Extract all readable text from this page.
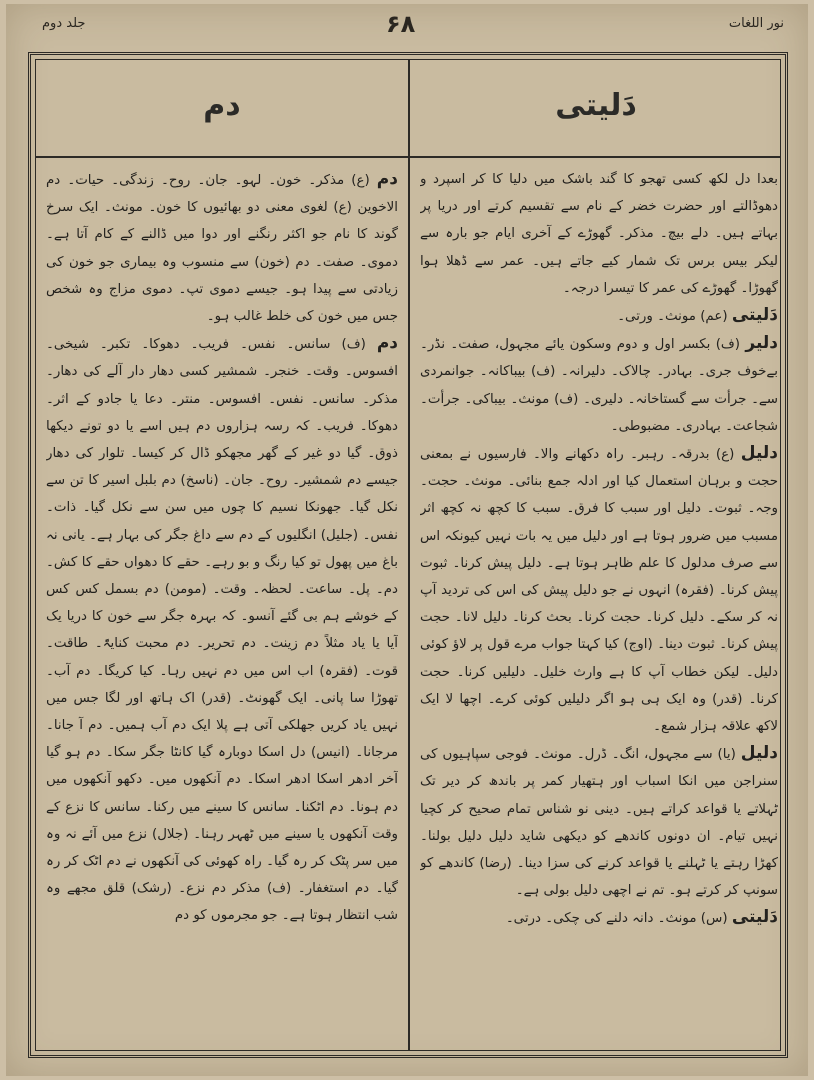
جلد دوم	۶۸	نور اللغات
دم	دَلیتی

دم (ع) مذکر۔ خون۔ لہو۔ جان۔ روح۔ زندگی۔ حیات۔ دم الاخوین (ع) لغوی معنی دو بھائیوں کا خون۔ مونث۔ ایک سرخ گوند کا نام جو اکثر رنگنے اور دوا میں ڈالنے کے کام آتا ہے۔ دموی۔ صفت۔ دم (خون) سے منسوب وہ بیماری جو خون کی زیادتی سے پیدا ہو۔ جیسے دموی تپ۔ دموی مزاج وہ شخص جس میں خون کی خلط غالب ہو۔

دم (ف) سانس۔ نفس۔ فریب۔ دھوکا۔ تکبر۔ شیخی۔ افسوس۔ وقت۔ خنجر۔ شمشیر کسی دھار دار آلے کی دھار۔ مذکر۔ سانس۔ نفس۔ افسوس۔ منتر۔ دعا یا جادو کے اثر۔ دھوکا۔ فریب۔ کہ رسہ ہزاروں دم ہیں اسے یا دو تونے دیکھا ذوق۔ گیا دو غیر کے گھر مجھکو ڈال کر کیسا۔ تلوار کی دھار جیسے دم شمشیر۔ روح۔ جان۔ (ناسخ) دم بلبل اسیر کا تن سے نکل گیا۔ جھونکا نسیم کا چوں میں سن سے نکل گیا۔ ذات۔ نفس۔ (جلیل) انگلیوں کے دم سے داغ جگر کی بہار ہے۔ یانی نہ باغ میں پھول تو کیا رنگ و بو رہے۔ حقے کا دھواں حقے کا کش۔ دم۔ پل۔ ساعت۔ لحظہ۔ وقت۔ (مومن) دم بسمل کس کس کے خوشے ہم بی گئے آنسو۔ کہ بہرہ جگر سے خون کا دریا یک آیا یا یاد مثلاً دم زینت۔ دم تحریر۔ دم محبت کنایۃً۔ طاقت۔ قوت۔ (فقرہ) اب اس میں دم نہیں رہا۔ کیا کریگا۔ دم آب۔ تھوڑا سا پانی۔ ایک گھونٹ۔ (قدر) اک ہاتھ اور لگا جس میں نہیں یاد کریں جھلکی آتی ہے پلا ایک دم آب ہمیں۔ دم آ جانا۔ مرجانا۔ (انیس) دل اسکا دوبارہ گیا کانٹا جگر سکا۔ دم ہو گیا آخر ادھر اسکا ادھر اسکا۔ دم آنکھوں میں۔ دکھو آنکھوں میں دم ہونا۔ دم اٹکنا۔ سانس کا سینے میں رکنا۔ سانس کا نزع کے وقت آنکھوں یا سینے میں ٹھہر رہنا۔ (جلال) نزع میں آئے نہ وہ میں سر پٹک کر رہ گیا۔ راہ کھوئی کی آنکھوں نے دم اٹک کر رہ گیا۔ دم استغفار۔ (ف) مذکر دم نزع۔ (رشک) قلق مجھے وہ شب انتظار ہوتا ہے۔ جو مجرموں کو دم

بعدا دل لکھ کسی تھجو کا گند باشک میں دلیا کا کر اسپرد و دھوڈالتے اور حضرت خضر کے نام سے تقسیم کرتے اور دریا پر بہاتے ہیں۔ دلے بیچ۔ مذکر۔ گھوڑے کے آخری ایام جو بارہ سے لیکر بیس برس تک شمار کیے جاتے ہیں۔ عمر سے ڈھلا ہوا گھوڑا۔ گھوڑے کی عمر کا تیسرا درجہ۔

دَلیتی (عم) مونث۔ ورتی۔

دلیر (ف) بکسر اول و دوم وسکون یائے مجہول، صفت۔ نڈر۔ بےخوف جری۔ بہادر۔ چالاک۔ دلیرانہ۔ (ف) بیباکانہ۔ جوانمردی سے۔ جرأت سے گستاخانہ۔ دلیری۔ (ف) مونث۔ بیباکی۔ جرأت۔ شجاعت۔ بہادری۔ مضبوطی۔

دلیل (ع) بدرقہ۔ رہبر۔ راہ دکھانے والا۔ فارسیوں نے بمعنی حجت و برہان استعمال کیا اور ادلہ جمع بنائی۔ مونث۔ حجت۔ وجہ۔ ثبوت۔ دلیل اور سبب کا فرق۔ سبب کا کچھ نہ کچھ اثر مسبب میں ضرور ہوتا ہے اور دلیل میں یہ بات نہیں کیونکہ اس سے صرف مدلول کا علم ظاہر ہوتا ہے۔ دلیل پیش کرنا۔ ثبوت پیش کرنا۔ (فقرہ) انہوں نے جو دلیل پیش کی اس کی تردید آپ نہ کر سکے۔ دلیل کرنا۔ حجت کرنا۔ بحث کرنا۔ دلیل لانا۔ حجت پیش کرنا۔ ثبوت دینا۔ (اوج) کیا کہتا جواب مرے قول پر لاؤ کوئی دلیل۔ لیکن خطاب آپ کا ہے وارث خلیل۔ دلیلیں کرنا۔ حجت کرنا۔ (قدر) وہ ایک ہی ہو اگر دلیلیں کوئی کرے۔ اچھا لا ایک لاکھ علاقہ ہزار شمع۔

دلیل (یا) سے مجہول، انگ۔ ڈرل۔ مونث۔ فوجی سپاہیوں کی سنراجن میں انکا اسباب اور ہتھیار کمر پر باندھ کر دیر تک ٹہلاتے یا قواعد کراتے ہیں۔ دینی نو شناس تمام صحیح کر کچیا نہیں تیام۔ ان دونوں کاندھے کو دیکھی شاید دلیل دلیل بولنا۔ کھڑا رہتے یا ٹہلنے یا قواعد کرنے کی سزا دینا۔ (رضا) کاندھے کو سونپ کر کرتے ہو۔ تم نے اچھی دلیل بولی ہے۔

دَلیتی (س) مونث۔ دانہ دلنے کی چکی۔ درتی۔
